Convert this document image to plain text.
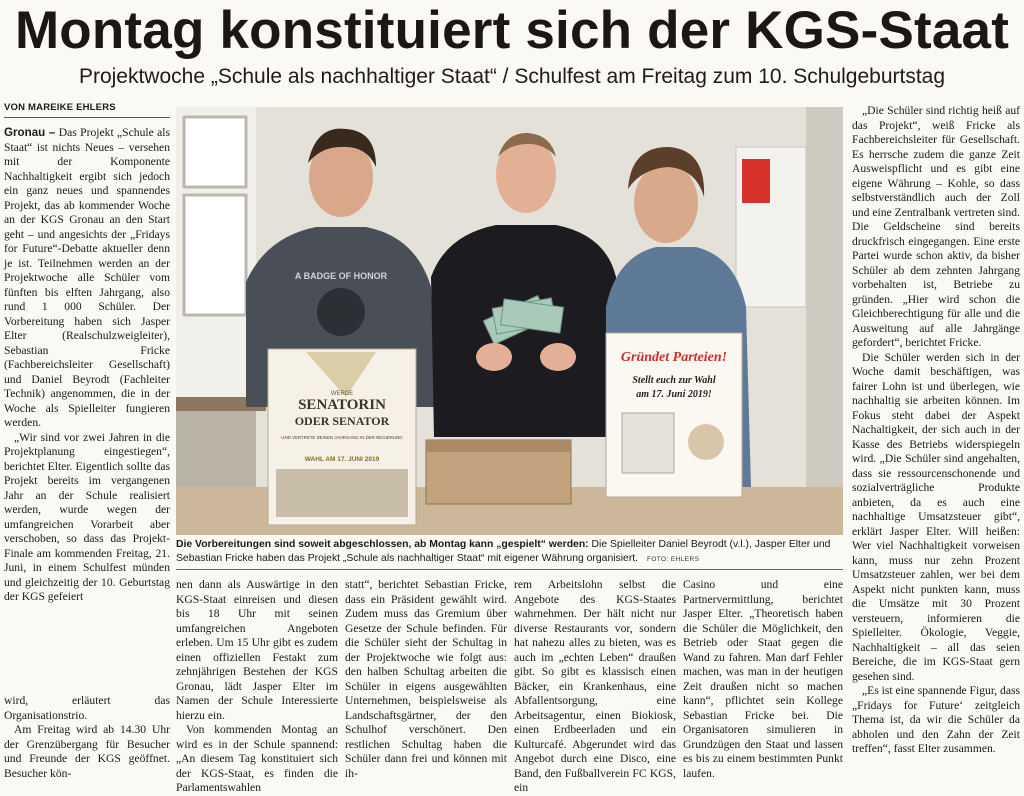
Montag konstituiert sich der KGS-Staat
Projektwoche „Schule als nachhaltiger Staat“ / Schulfest am Freitag zum 10. Schulgeburtstag
VON MAREIKE EHLERS

Gronau – Das Projekt „Schule als Staat“ ist nichts Neues – versehen mit der Komponente Nachhaltigkeit ergibt sich jedoch ein ganz neues und spannendes Projekt, das ab kommender Woche an der KGS Gronau an den Start geht – und angesichts der „Fridays for Future“-Debatte aktueller denn je ist. Teilnehmen werden an der Projektwoche alle Schüler vom fünften bis elften Jahrgang, also rund 1 000 Schüler. Der Vorbereitung haben sich Jasper Elter (Realschulzweigleiter), Sebastian Fricke (Fachbereichsleiter Gesellschaft) und Daniel Beyrodt (Fachleiter Technik) angenommen, die in der Woche als Spielleiter fungieren werden.

„Wir sind vor zwei Jahren in die Projektplanung eingestiegen“, berichtet Elter. Eigentlich sollte das Projekt bereits im vergangenen Jahr an der Schule realisiert werden, wurde wegen der umfangreichen Vorarbeit aber verschoben, so dass das Projekt-Finale am kommenden Freitag, 21. Juni, in einem Schulfest münden und gleichzeitig der 10. Geburtstag der KGS gefeiert

wird, erläutert das Organisationstrio.

Am Freitag wird ab 14.30 Uhr der Grenzübergang für Besucher und Freunde der KGS geöffnet. Besucher kön-

WERDE
SENATORIN
ODER SENATOR
UND VERTRETE DEINEN JAHRGANG IN DER REGIERUNG
WAHL AM 17. JUNI 2019
Gründet Parteien!
Stellt euch zur Wahl
am 17. Juni 2019!
A BADGE OF HONOR
Die Vorbereitungen sind soweit abgeschlossen, ab Montag kann „gespielt“ werden: Die Spielleiter Daniel Beyrodt (v.l.), Jasper Elter und Sebastian Fricke haben das Projekt „Schule als nachhaltiger Staat“ mit eigener Währung organisiert. FOTO: EHLERS

nen dann als Auswärtige in den KGS-Staat einreisen und diesen bis 18 Uhr mit seinen umfangreichen Angeboten erleben. Um 15 Uhr gibt es zudem einen offiziellen Festakt zum zehnjährigen Bestehen der KGS Gronau, lädt Jasper Elter im Namen der Schule Interessierte hierzu ein.

Von kommenden Montag an wird es in der Schule spannend: „An diesem Tag konstituiert sich der KGS-Staat, es finden die Parlamentswahlen

statt“, berichtet Sebastian Fricke, dass ein Präsident gewählt wird. Zudem muss das Gremium über Gesetze der Schule befinden. Für die Schüler sieht der Schultag in der Projektwoche wie folgt aus: den halben Schultag arbeiten die Schüler in eigens ausgewählten Unternehmen, beispielsweise als Landschaftsgärtner, der den Schulhof verschönert. Den restlichen Schultag haben die Schüler dann frei und können mit ih-

rem Arbeitslohn selbst die Angebote des KGS-Staates wahrnehmen. Der hält nicht nur diverse Restaurants vor, sondern hat nahezu alles zu bieten, was es auch im „echten Leben“ draußen gibt. So gibt es klassisch einen Bäcker, ein Krankenhaus, eine Abfallentsorgung, eine Arbeitsagentur, einen Biokiosk, einen Erdbeerladen und ein Kulturcafé. Abgerundet wird das Angebot durch eine Disco, eine Band, den Fußballverein FC KGS, ein

Casino und eine Partnervermittlung, berichtet Jasper Elter. „Theoretisch haben die Schüler die Möglichkeit, den Betrieb oder Staat gegen die Wand zu fahren. Man darf Fehler machen, was man in der heutigen Zeit draußen nicht so machen kann“, pflichtet sein Kollege Sebastian Fricke bei. Die Organisatoren simulieren in Grundzügen den Staat und lassen es bis zu einem bestimmten Punkt laufen.

„Die Schüler sind richtig heiß auf das Projekt“, weiß Fricke als Fachbereichsleiter für Gesellschaft. Es herrsche zudem die ganze Zeit Ausweispflicht und es gibt eine eigene Währung – Kohle, so dass selbstverständlich auch der Zoll und eine Zentralbank vertreten sind. Die Geldscheine sind bereits druckfrisch eingegangen. Eine erste Partei wurde schon aktiv, da bisher Schüler ab dem zehnten Jahrgang vorbehalten ist, Betriebe zu gründen. „Hier wird schon die Gleichberechtigung für alle und die Ausweitung auf alle Jahrgänge gefordert“, berichtet Fricke.

Die Schüler werden sich in der Woche damit beschäftigen, was fairer Lohn ist und überlegen, wie nachhaltig sie arbeiten können. Im Fokus steht dabei der Aspekt Nachaltigkeit, der sich auch in der Kasse des Betriebs widerspiegeln wird. „Die Schüler sind angehalten, dass sie ressourcenschonende und sozialverträgliche Produkte anbieten, da es auch eine nachhaltige Umsatzsteuer gibt“, erklärt Jasper Elter. Will heißen: Wer viel Nachhaltigkeit vorweisen kann, muss nur zehn Prozent Umsatzsteuer zahlen, wer bei dem Aspekt nicht punkten kann, muss die Umsätze mit 30 Prozent versteuern, informieren die Spielleiter. Ökologie, Veggie, Nachhaltigkeit – all das seien Bereiche, die im KGS-Staat gern gesehen sind.

„Es ist eine spannende Figur, dass „Fridays for Future‘ zeitgleich Thema ist, da wir die Schüler da abholen und den Zahn der Zeit treffen“, fasst Elter zusammen.
